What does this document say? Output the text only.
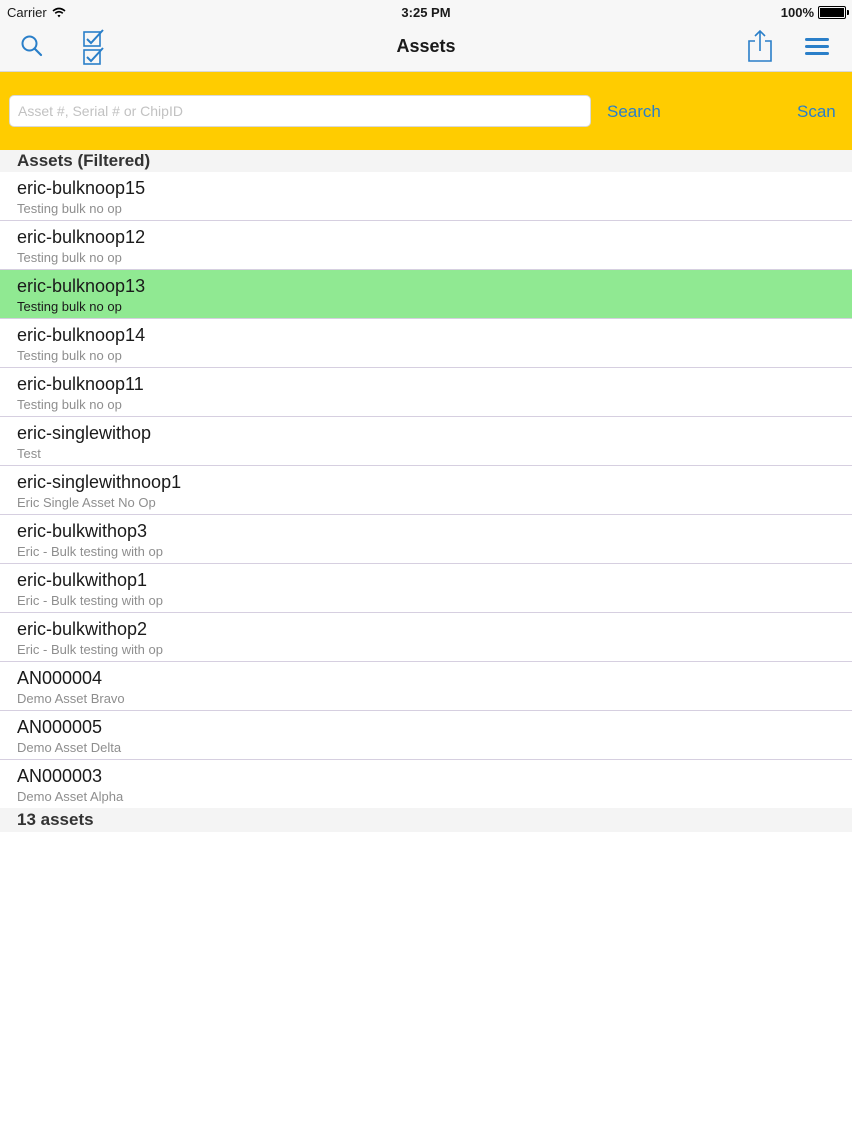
Carrier	3:25 PM	100%
Assets
Asset #, Serial # or ChipID
Search	Scan
Assets (Filtered)
eric-bulknoop15
Testing bulk no op
eric-bulknoop12
Testing bulk no op
eric-bulknoop13
Testing bulk no op
eric-bulknoop14
Testing bulk no op
eric-bulknoop11
Testing bulk no op
eric-singlewithop
Test
eric-singlewithnoop1
Eric Single Asset No Op
eric-bulkwithop3
Eric - Bulk testing with op
eric-bulkwithop1
Eric - Bulk testing with op
eric-bulkwithop2
Eric - Bulk testing with op
AN000004
Demo Asset Bravo
AN000005
Demo Asset Delta
AN000003
Demo Asset Alpha
13 assets
